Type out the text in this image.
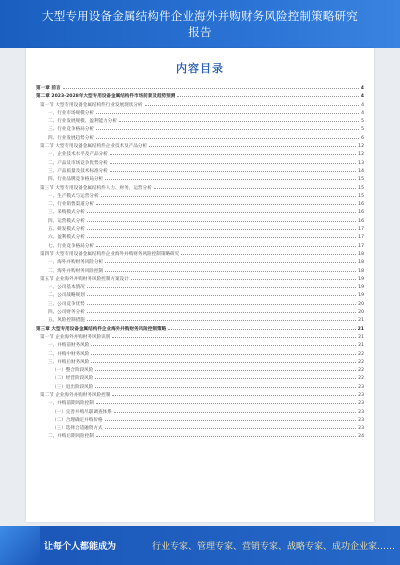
大型专用设备金属结构件企业海外并购财务风险控制策略研究
报告
内容目录
第一章 前言	4
第二章 2023-2028年大型专用设备金属结构件市场前景及趋势预测	4
第一节 大型专用设备金属结构件行业发展现状分析	4
一、行业市场规模分析	4
二、行业发展规模、盈利能力分析	5
三、行业竞争格局分析	5
四、行业发展趋势分析	6
第二节 大型专用设备金属结构件企业技术及产品分析	12
一、企业技术水平及产品分析	12
二、产品及市场竞争优势分析	13
三、产品质量及技术标准分析	14
四、行业品牌竞争格局分析	15
第三节 大型专用设备金属结构件人力、财务、运营分析	15
一、生产模式与运营分析	15
二、行业销售渠道分析	16
三、采购模式分析	16
四、运营模式分析	16
五、研发模式分析	17
六、盈利模式分析	17
七、行业竞争格局分析	17
第四节 大型专用设备金属结构件企业海外并购财务风险控制策略研究	18
一、海外并购财务风险分析	18
二、海外并购财务风险控制	18
第五节 企业海外并购财务风险控制方案设计	19
一、公司基本情况	19
二、公司战略规划	19
三、公司竞争优势	20
四、公司财务分析	20
五、风险控制措施	21
第三章 大型专用设备金属结构件企业海外并购财务风险控制策略	21
第一节 企业海外并购财务风险识别	21
一、并购前财务风险	21
二、并购中财务风险	22
三、并购后财务风险	22
（一）整合阶段风险	22
（二）经营阶段风险	22
（三）退出阶段风险	23
第二节 企业海外并购财务风险控制	23
一、并购前期风险控制	23
（一）完善并购尽职调查体系	23
（二）合理确定并购价格	23
（三）选择合适融资方式	23
二、并购后期风险控制	24
让每个人都能成为	行业专家、管理专家、营销专家、战略专家、成功企业家……
